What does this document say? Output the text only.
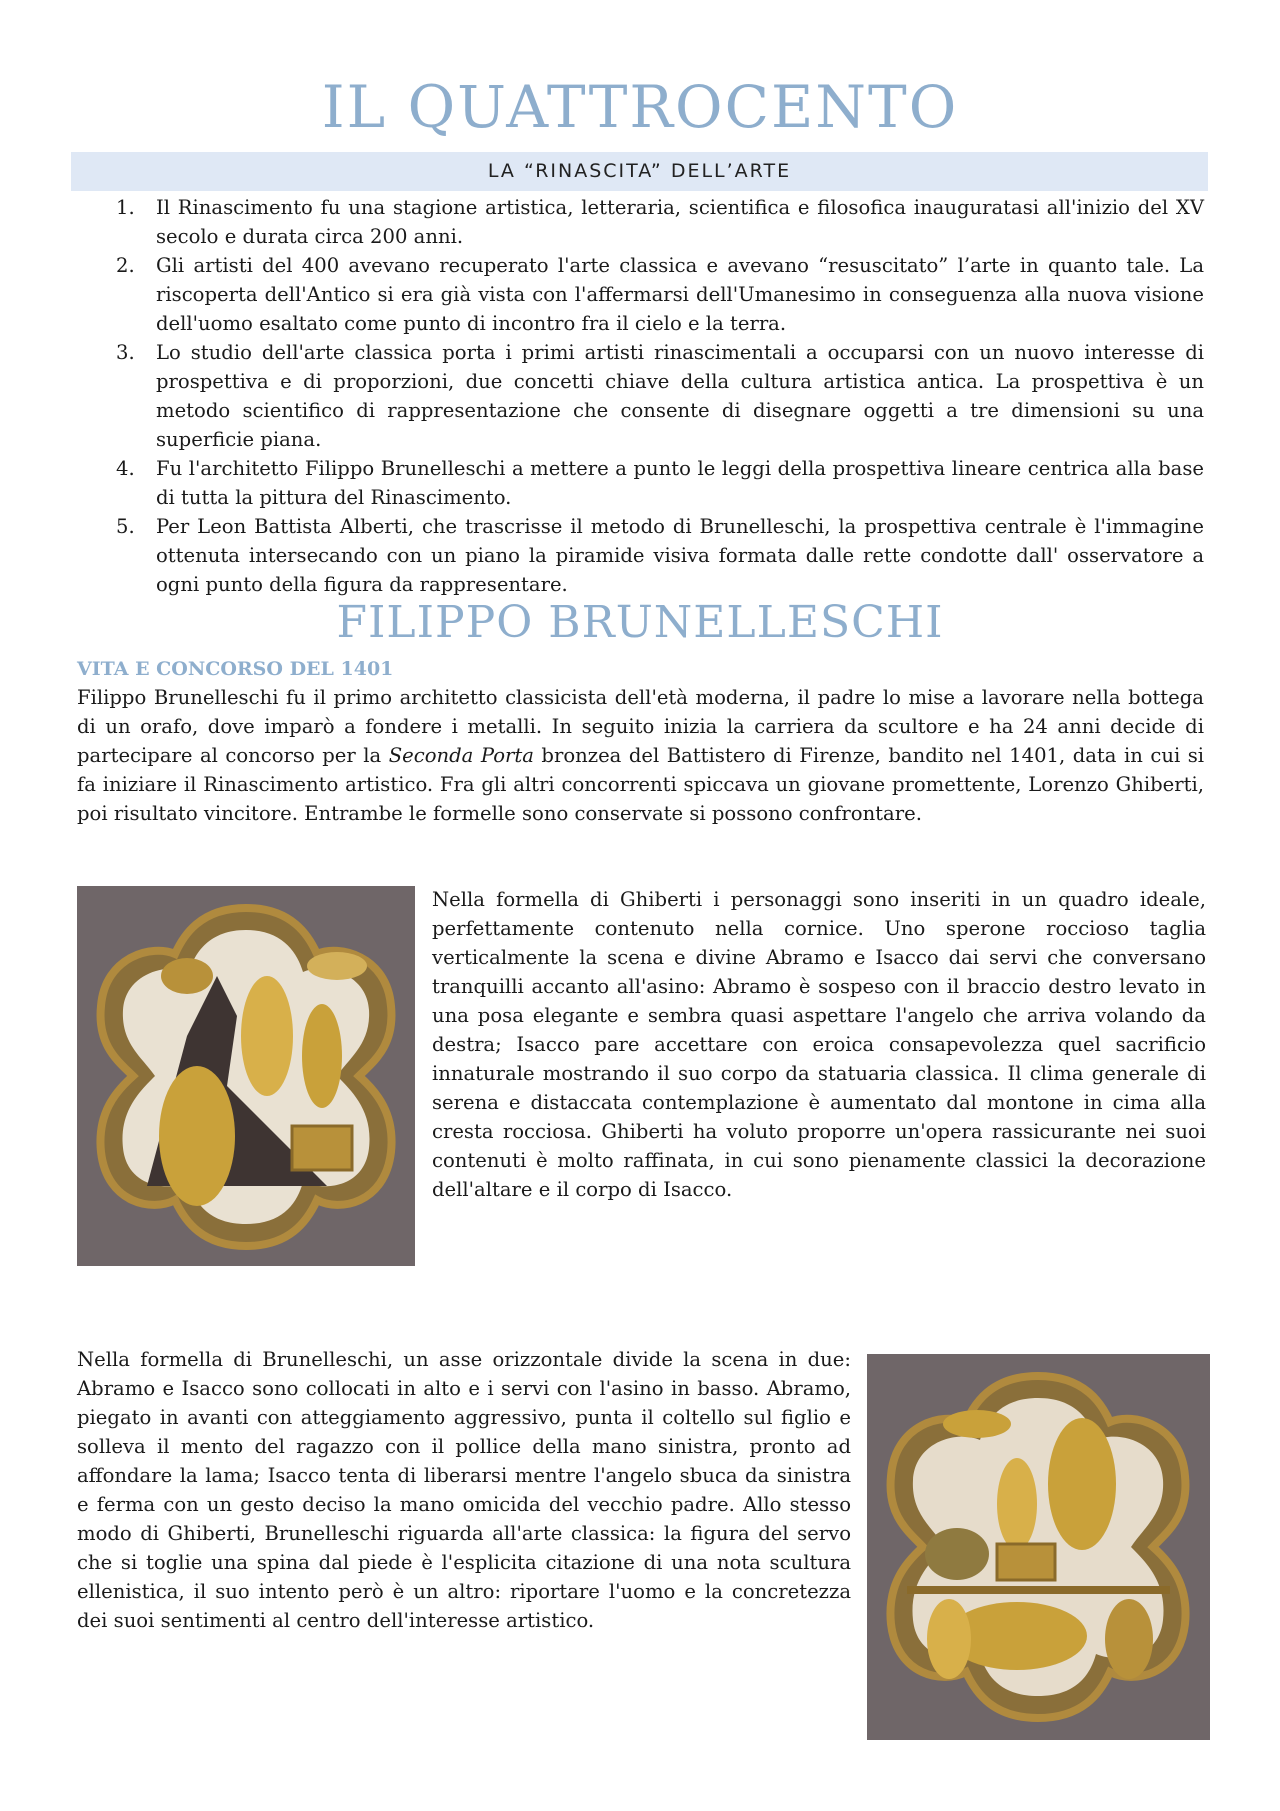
IL QUATTROCENTO
LA “RINASCITA” DELL’ARTE
1. Il Rinascimento fu una stagione artistica, letteraria, scientifica e filosofica inauguratasi all'inizio del XV secolo e durata circa 200 anni.
2. Gli artisti del 400 avevano recuperato l'arte classica e avevano “resuscitato” l’arte in quanto tale. La riscoperta dell'Antico si era già vista con l'affermarsi dell'Umanesimo in conseguenza alla nuova visione dell'uomo esaltato come punto di incontro fra il cielo e la terra.
3. Lo studio dell'arte classica porta i primi artisti rinascimentali a occuparsi con un nuovo interesse di prospettiva e di proporzioni, due concetti chiave della cultura artistica antica. La prospettiva è un metodo scientifico di rappresentazione che consente di disegnare oggetti a tre dimensioni su una superficie piana.
4. Fu l'architetto Filippo Brunelleschi a mettere a punto le leggi della prospettiva lineare centrica alla base di tutta la pittura del Rinascimento.
5. Per Leon Battista Alberti, che trascrisse il metodo di Brunelleschi, la prospettiva centrale è l'immagine ottenuta intersecando con un piano la piramide visiva formata dalle rette condotte dall' osservatore a ogni punto della figura da rappresentare.
FILIPPO BRUNELLESCHI
VITA E CONCORSO DEL 1401

Filippo Brunelleschi fu il primo architetto classicista dell'età moderna, il padre lo mise a lavorare nella bottega di un orafo, dove imparò a fondere i metalli. In seguito inizia la carriera da scultore e ha 24 anni decide di partecipare al concorso per la Seconda Porta bronzea del Battistero di Firenze, bandito nel 1401, data in cui si fa iniziare il Rinascimento artistico. Fra gli altri concorrenti spiccava un giovane promettente, Lorenzo Ghiberti, poi risultato vincitore. Entrambe le formelle sono conservate si possono confrontare.

Nella formella di Ghiberti i personaggi sono inseriti in un quadro ideale, perfettamente contenuto nella cornice. Uno sperone roccioso taglia verticalmente la scena e divine Abramo e Isacco dai servi che conversano tranquilli accanto all'asino: Abramo è sospeso con il braccio destro levato in una posa elegante e sembra quasi aspettare l'angelo che arriva volando da destra; Isacco pare accettare con eroica consapevolezza quel sacrificio innaturale mostrando il suo corpo da statuaria classica. Il clima generale di serena e distaccata contemplazione è aumentato dal montone in cima alla cresta rocciosa. Ghiberti ha voluto proporre un'opera rassicurante nei suoi contenuti è molto raffinata, in cui sono pienamente classici la decorazione dell'altare e il corpo di Isacco.

Nella formella di Brunelleschi, un asse orizzontale divide la scena in due: Abramo e Isacco sono collocati in alto e i servi con l'asino in basso. Abramo, piegato in avanti con atteggiamento aggressivo, punta il coltello sul figlio e solleva il mento del ragazzo con il pollice della mano sinistra, pronto ad affondare la lama; Isacco tenta di liberarsi mentre l'angelo sbuca da sinistra e ferma con un gesto deciso la mano omicida del vecchio padre. Allo stesso modo di Ghiberti, Brunelleschi riguarda all'arte classica: la figura del servo che si toglie una spina dal piede è l'esplicita citazione di una nota scultura ellenistica, il suo intento però è un altro: riportare l'uomo e la concretezza dei suoi sentimenti al centro dell'interesse artistico.
